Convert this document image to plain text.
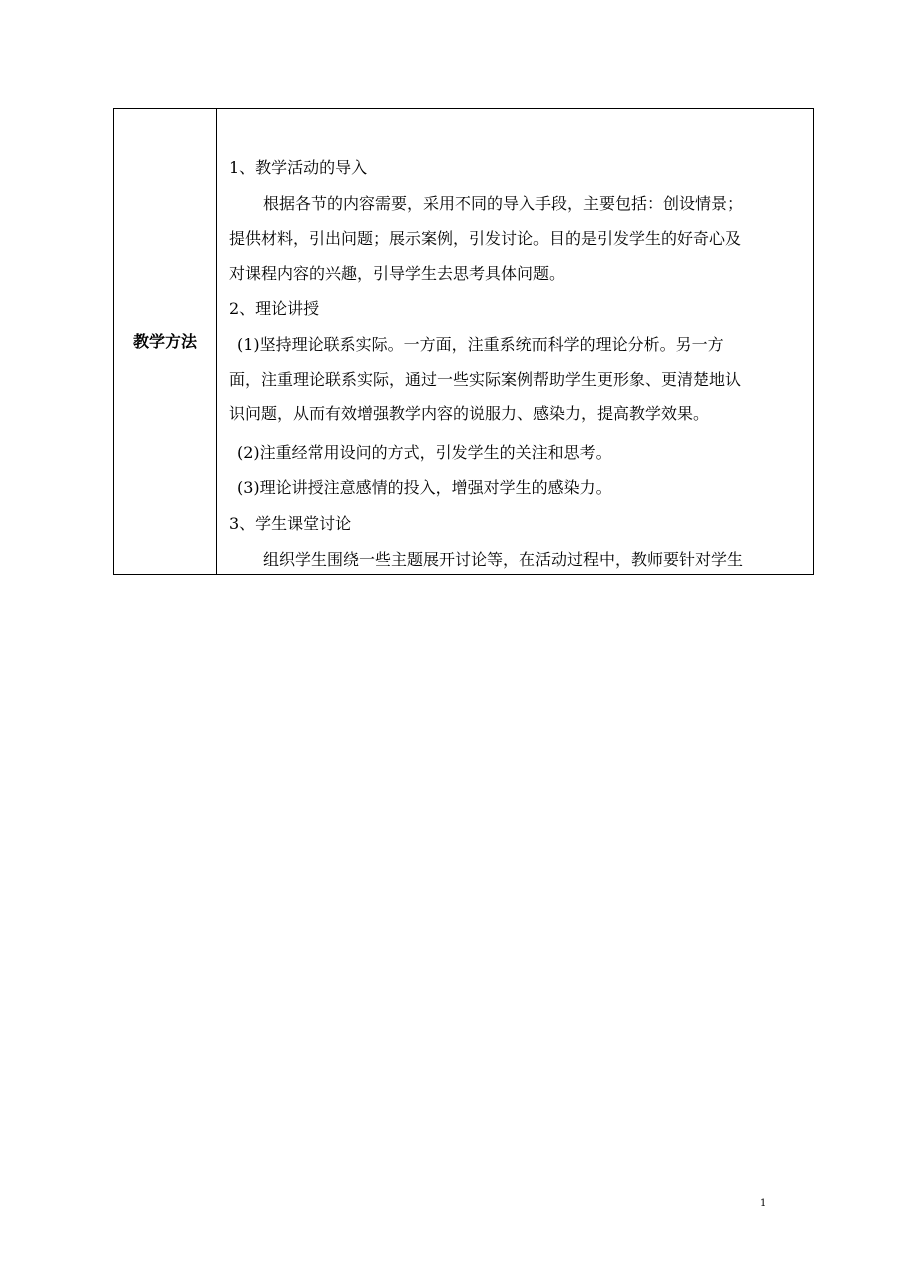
教学方法
1、教学活动的导入
根据各节的内容需要，采用不同的导入手段，主要包括：创设情景；
提供材料，引出问题；展示案例，引发讨论。目的是引发学生的好奇心及
对课程内容的兴趣，引导学生去思考具体问题。
2、理论讲授
(1)坚持理论联系实际。一方面，注重系统而科学的理论分析。另一方
面，注重理论联系实际，通过一些实际案例帮助学生更形象、更清楚地认
识问题，从而有效增强教学内容的说服力、感染力，提高教学效果。
(2)注重经常用设问的方式，引发学生的关注和思考。
(3)理论讲授注意感情的投入，增强对学生的感染力。
3、学生课堂讨论
组织学生围绕一些主题展开讨论等，在活动过程中，教师要针对学生
1
